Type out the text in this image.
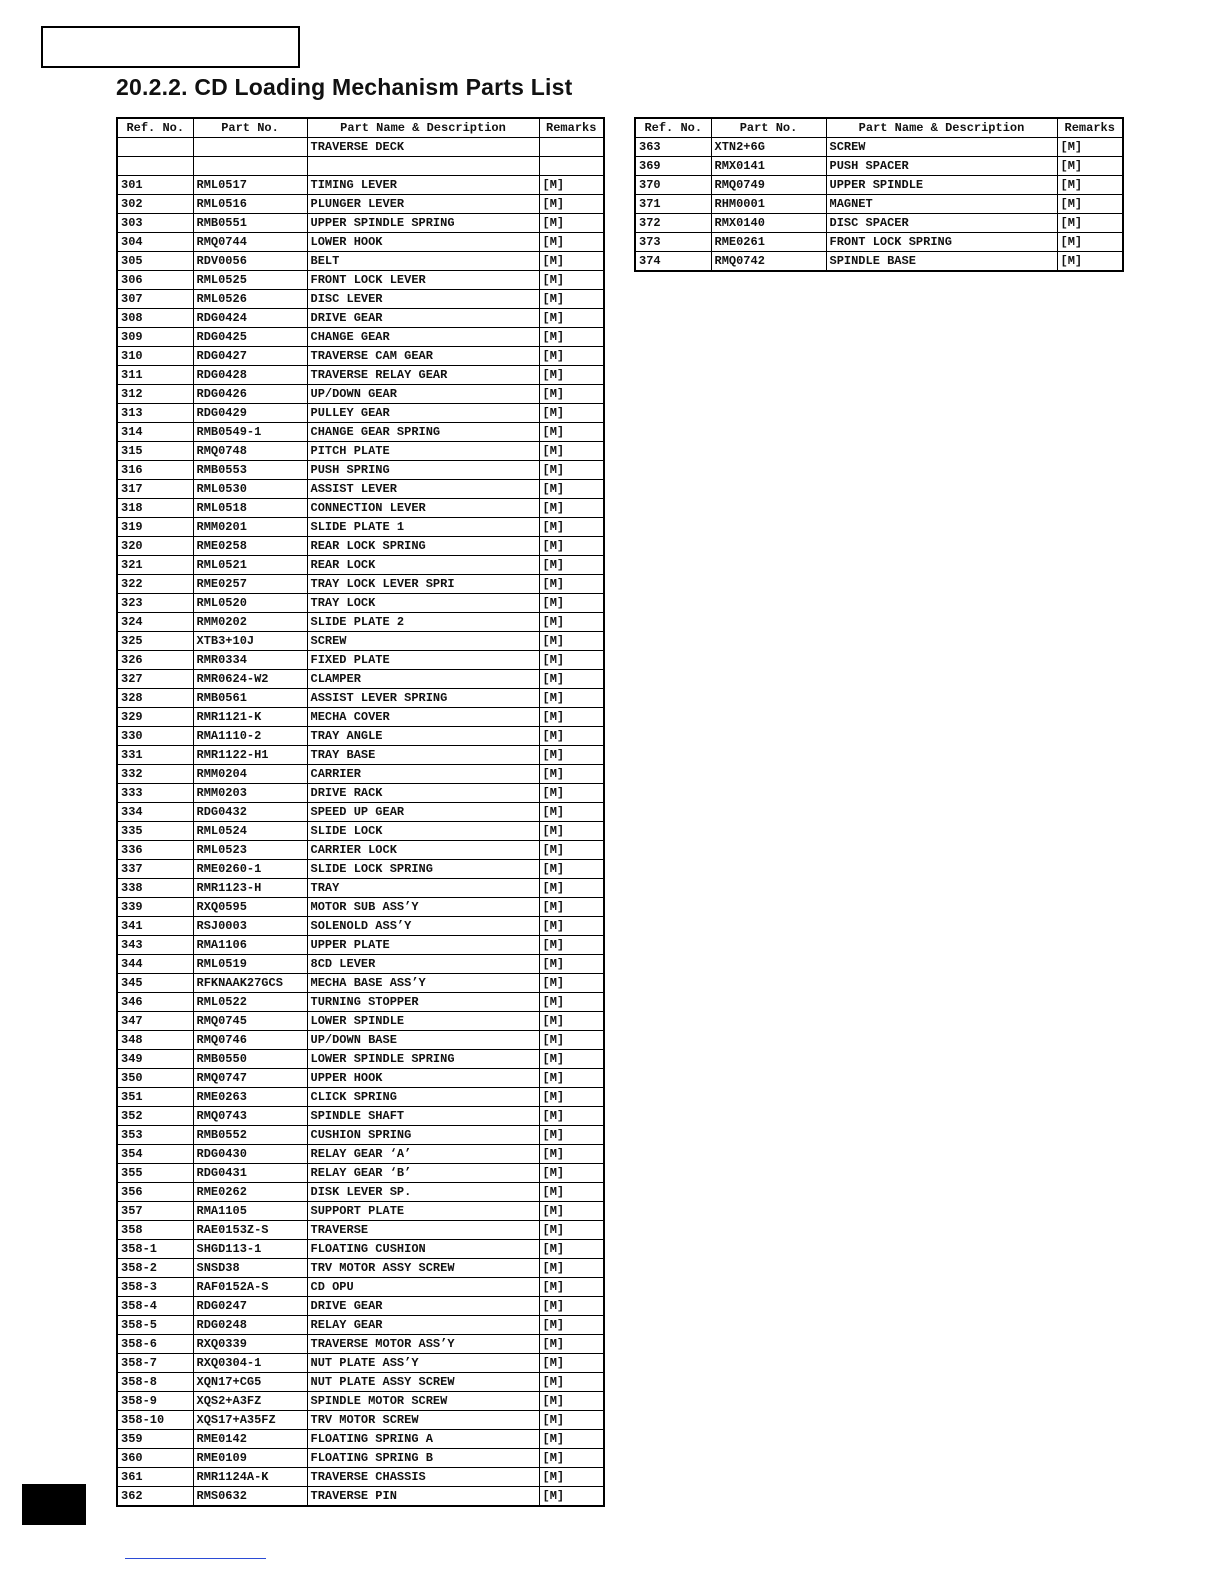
20.2.2. CD Loading Mechanism Parts List
Ref. No.	Part No.	Part Name & Description	Remarks
		TRAVERSE DECK	

301	RML0517	TIMING LEVER	[M]
302	RML0516	PLUNGER LEVER	[M]
303	RMB0551	UPPER SPINDLE SPRING	[M]
304	RMQ0744	LOWER HOOK	[M]
305	RDV0056	BELT	[M]
306	RML0525	FRONT LOCK LEVER	[M]
307	RML0526	DISC LEVER	[M]
308	RDG0424	DRIVE GEAR	[M]
309	RDG0425	CHANGE GEAR	[M]
310	RDG0427	TRAVERSE CAM GEAR	[M]
311	RDG0428	TRAVERSE RELAY GEAR	[M]
312	RDG0426	UP/DOWN GEAR	[M]
313	RDG0429	PULLEY GEAR	[M]
314	RMB0549-1	CHANGE GEAR SPRING	[M]
315	RMQ0748	PITCH PLATE	[M]
316	RMB0553	PUSH SPRING	[M]
317	RML0530	ASSIST LEVER	[M]
318	RML0518	CONNECTION LEVER	[M]
319	RMM0201	SLIDE PLATE 1	[M]
320	RME0258	REAR LOCK SPRING	[M]
321	RML0521	REAR LOCK	[M]
322	RME0257	TRAY LOCK LEVER SPRI	[M]
323	RML0520	TRAY LOCK	[M]
324	RMM0202	SLIDE PLATE 2	[M]
325	XTB3+10J	SCREW	[M]
326	RMR0334	FIXED PLATE	[M]
327	RMR0624-W2	CLAMPER	[M]
328	RMB0561	ASSIST LEVER SPRING	[M]
329	RMR1121-K	MECHA COVER	[M]
330	RMA1110-2	TRAY ANGLE	[M]
331	RMR1122-H1	TRAY BASE	[M]
332	RMM0204	CARRIER	[M]
333	RMM0203	DRIVE RACK	[M]
334	RDG0432	SPEED UP GEAR	[M]
335	RML0524	SLIDE LOCK	[M]
336	RML0523	CARRIER LOCK	[M]
337	RME0260-1	SLIDE LOCK SPRING	[M]
338	RMR1123-H	TRAY	[M]
339	RXQ0595	MOTOR SUB ASS’Y	[M]
341	RSJ0003	SOLENOLD ASS’Y	[M]
343	RMA1106	UPPER PLATE	[M]
344	RML0519	8CD LEVER	[M]
345	RFKNAAK27GCS	MECHA BASE ASS’Y	[M]
346	RML0522	TURNING STOPPER	[M]
347	RMQ0745	LOWER SPINDLE	[M]
348	RMQ0746	UP/DOWN BASE	[M]
349	RMB0550	LOWER SPINDLE SPRING	[M]
350	RMQ0747	UPPER HOOK	[M]
351	RME0263	CLICK SPRING	[M]
352	RMQ0743	SPINDLE SHAFT	[M]
353	RMB0552	CUSHION SPRING	[M]
354	RDG0430	RELAY GEAR ‘A’	[M]
355	RDG0431	RELAY GEAR ‘B’	[M]
356	RME0262	DISK LEVER SP.	[M]
357	RMA1105	SUPPORT PLATE	[M]
358	RAE0153Z-S	TRAVERSE	[M]
358-1	SHGD113-1	FLOATING CUSHION	[M]
358-2	SNSD38	TRV MOTOR ASSY SCREW	[M]
358-3	RAF0152A-S	CD OPU	[M]
358-4	RDG0247	DRIVE GEAR	[M]
358-5	RDG0248	RELAY GEAR	[M]
358-6	RXQ0339	TRAVERSE MOTOR ASS’Y	[M]
358-7	RXQ0304-1	NUT PLATE ASS’Y	[M]
358-8	XQN17+CG5	NUT PLATE ASSY SCREW	[M]
358-9	XQS2+A3FZ	SPINDLE MOTOR SCREW	[M]
358-10	XQS17+A35FZ	TRV MOTOR SCREW	[M]
359	RME0142	FLOATING SPRING A	[M]
360	RME0109	FLOATING SPRING B	[M]
361	RMR1124A-K	TRAVERSE CHASSIS	[M]
362	RMS0632	TRAVERSE PIN	[M]
Ref. No.	Part No.	Part Name & Description	Remarks
363	XTN2+6G	SCREW	[M]
369	RMX0141	PUSH SPACER	[M]
370	RMQ0749	UPPER SPINDLE	[M]
371	RHM0001	MAGNET	[M]
372	RMX0140	DISC SPACER	[M]
373	RME0261	FRONT LOCK SPRING	[M]
374	RMQ0742	SPINDLE BASE	[M]
